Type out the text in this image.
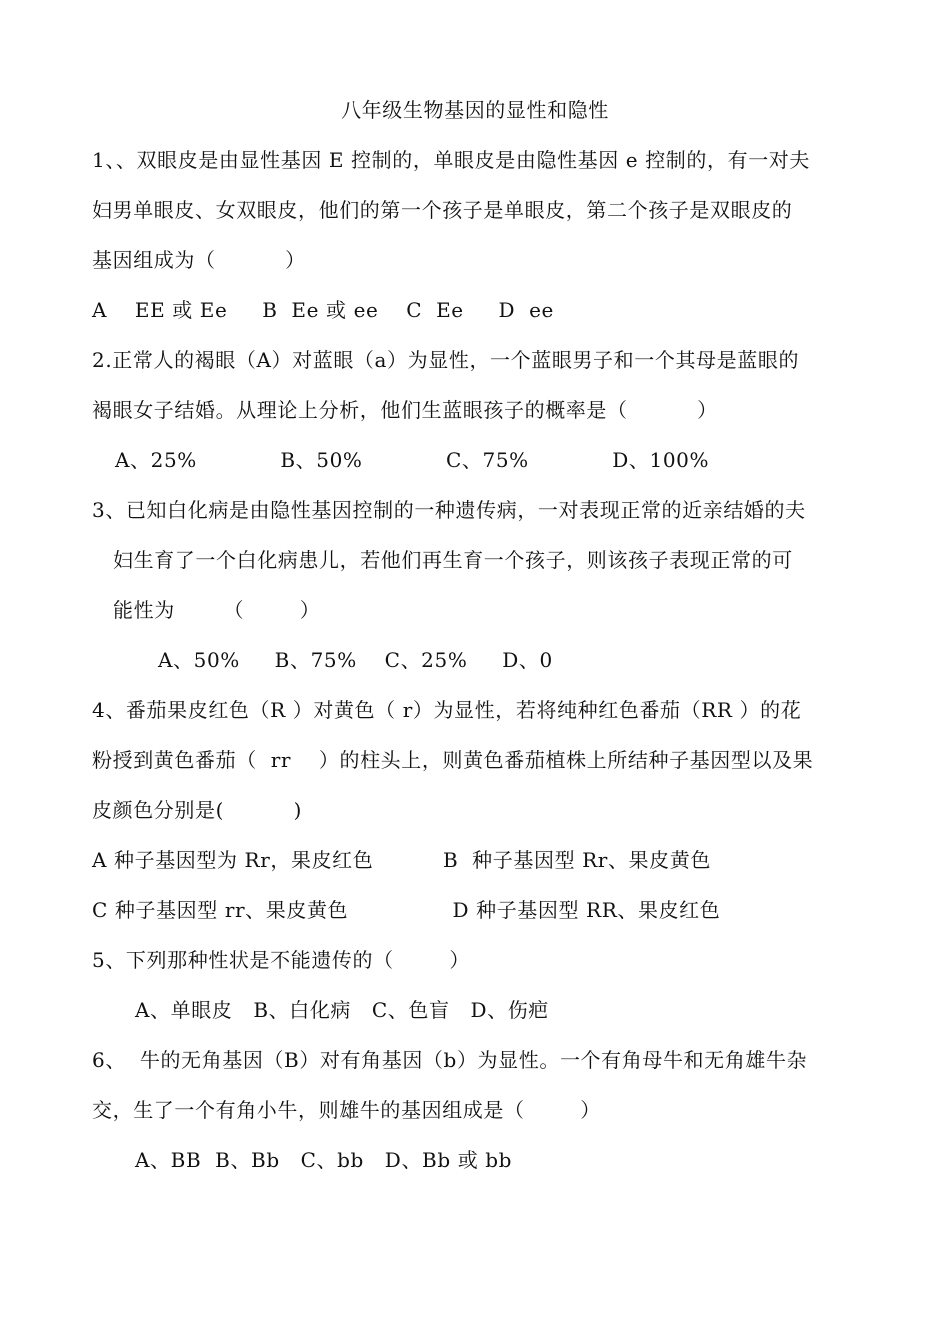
八年级生物基因的显性和隐性
1、、双眼皮是由显性基因 E 控制的，单眼皮是由隐性基因 e 控制的，有一对夫
妇男单眼皮、女双眼皮，他们的第一个孩子是单眼皮，第二个孩子是双眼皮的
基因组成为（          ）
A    EE 或 Ee     B  Ee 或 ee    C  Ee     D  ee
2.正常人的褐眼（A）对蓝眼（a）为显性，一个蓝眼男子和一个其母是蓝眼的
褐眼女子结婚。从理论上分析，他们生蓝眼孩子的概率是（          ）
A、25%            B、50%            C、75%            D、100%
3、已知白化病是由隐性基因控制的一种遗传病，一对表现正常的近亲结婚的夫
妇生育了一个白化病患儿，若他们再生育一个孩子，则该孩子表现正常的可
能性为       （        ）
A、50%     B、75%    C、25%     D、0
4、番茄果皮红色（R ）对黄色（ r）为显性，若将纯种红色番茄（RR ）的花
粉授到黄色番茄（  rr    ）的柱头上，则黄色番茄植株上所结种子基因型以及果
皮颜色分别是(          )
A 种子基因型为 Rr，果皮红色          B  种子基因型 Rr、果皮黄色
C 种子基因型 rr、果皮黄色               D 种子基因型 RR、果皮红色
5、下列那种性状是不能遗传的（        ）
A、单眼皮   B、白化病   C、色盲   D、伤疤
6、  牛的无角基因（B）对有角基因（b）为显性。一个有角母牛和无角雄牛杂
交，生了一个有角小牛，则雄牛的基因组成是（        ）
A、BB  B、Bb   C、bb   D、Bb 或 bb
